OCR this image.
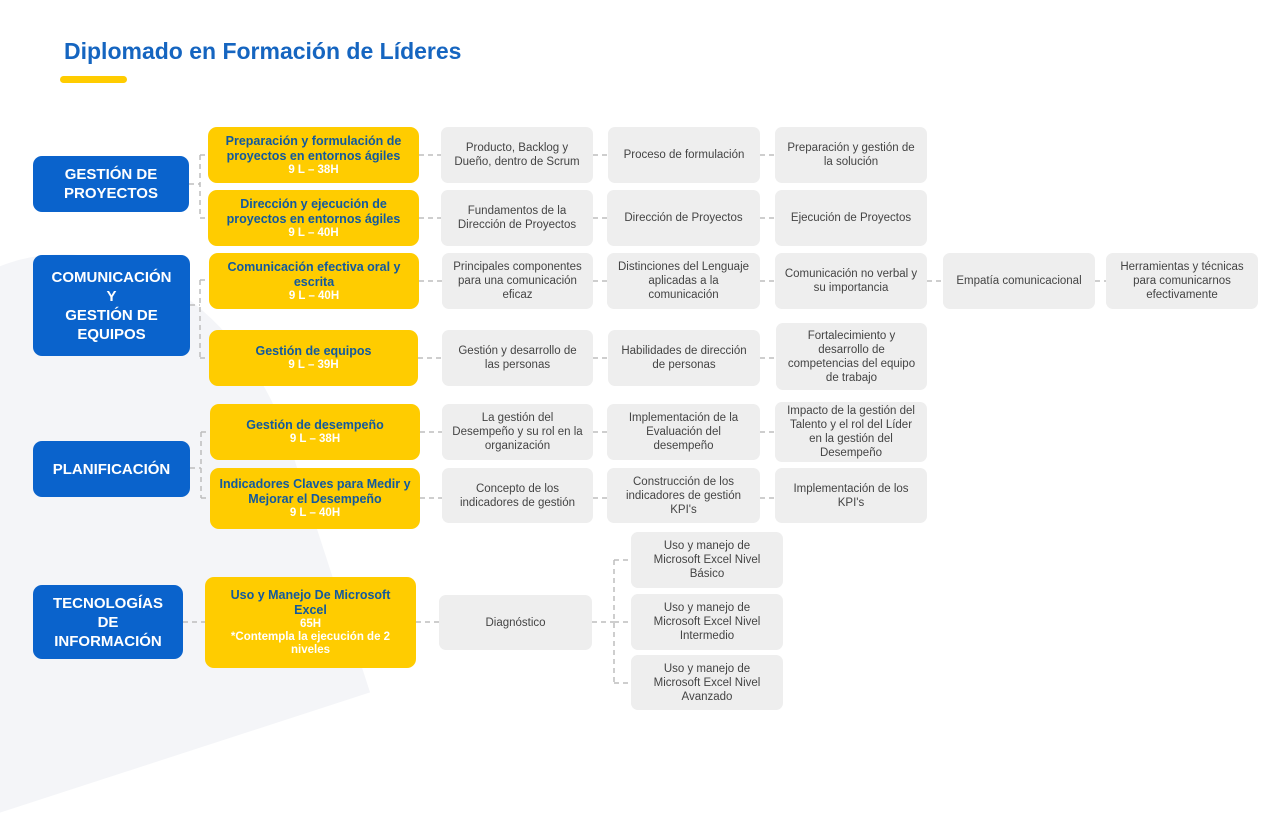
Diplomado en Formación de Líderes
GESTIÓN DE PROYECTOS
COMUNICACIÓN
Y
GESTIÓN DE EQUIPOS
PLANIFICACIÓN
TECNOLOGÍAS
DE
INFORMACIÓN
Preparación y formulación de proyectos en entornos ágiles
9 L – 38H
Producto, Backlog y Dueño, dentro de Scrum
Proceso de formulación
Preparación y gestión de la solución
Dirección y ejecución de proyectos en entornos ágiles
9 L – 40H
Fundamentos de la Dirección de Proyectos
Dirección de Proyectos	Ejecución de Proyectos
Comunicación efectiva oral y escrita
9 L – 40H
Principales componentes para una comunicación eficaz
Distinciones del Lenguaje aplicadas a la comunicación
Comunicación no verbal y su importancia
Empatía comunicacional
Herramientas y técnicas para comunicarnos efectivamente
Gestión de equipos
9 L – 39H
Gestión y desarrollo de las personas
Habilidades de dirección de personas
Fortalecimiento y desarrollo de competencias del equipo de trabajo
Gestión de desempeño
9 L – 38H
La gestión del Desempeño y su rol en la organización
Implementación de la Evaluación del desempeño
Impacto de la gestión del Talento y el rol del Líder en la gestión del Desempeño
Indicadores Claves para Medir y Mejorar el Desempeño
9 L – 40H
Concepto de los indicadores de gestión
Construcción de los indicadores de gestión KPI's
Implementación de los KPI's
Uso y Manejo De Microsoft Excel
65H
*Contempla la ejecución de 2 niveles
Diagnóstico
Uso y manejo de Microsoft Excel Nivel Básico
Uso y manejo de Microsoft Excel Nivel Intermedio
Uso y manejo de Microsoft Excel Nivel Avanzado
